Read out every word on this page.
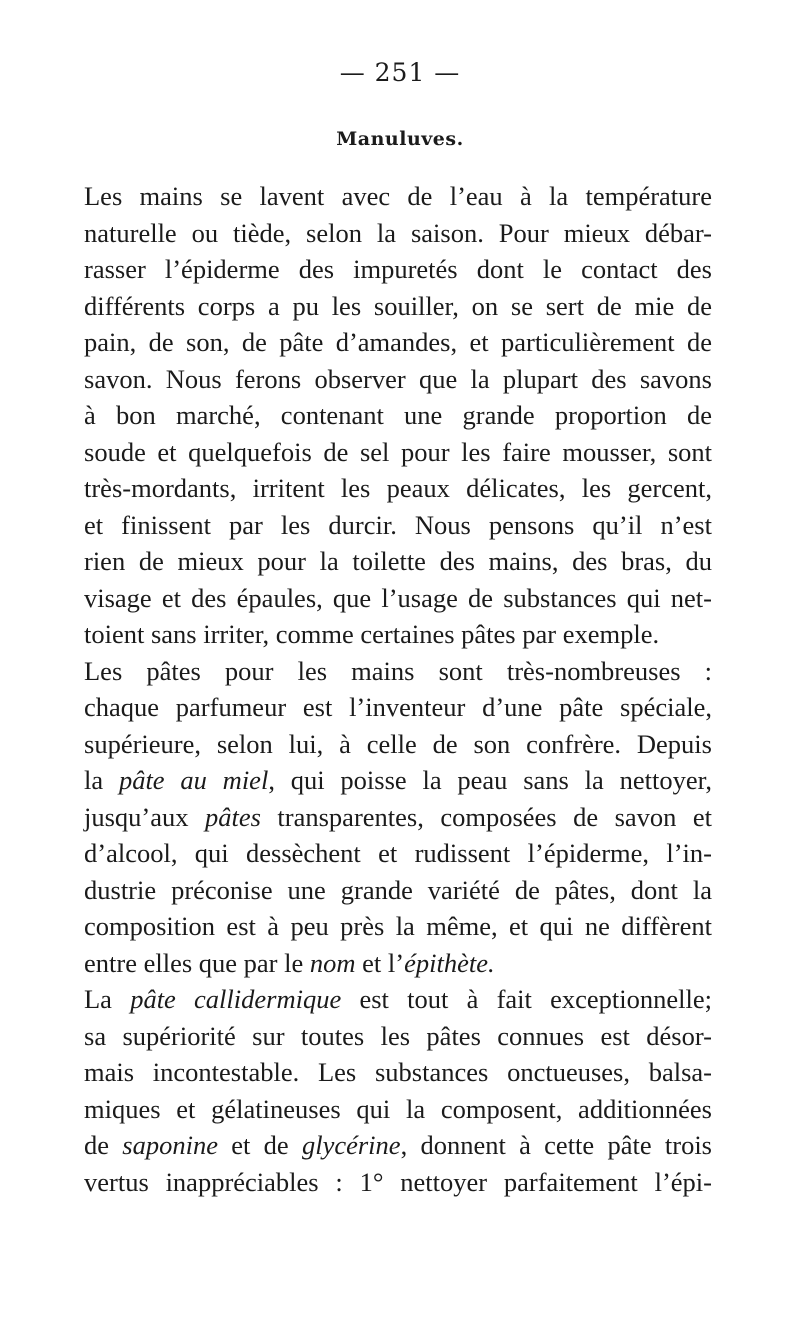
— 251 —
Manuluves.
Les mains se lavent avec de l’eau à la température
naturelle ou tiède, selon la saison. Pour mieux débar-
rasser l’épiderme des impuretés dont le contact des
différents corps a pu les souiller, on se sert de mie de
pain, de son, de pâte d’amandes, et particulièrement de
savon. Nous ferons observer que la plupart des savons
à bon marché, contenant une grande proportion de
soude et quelquefois de sel pour les faire mousser, sont
très-mordants, irritent les peaux délicates, les gercent,
et finissent par les durcir. Nous pensons qu’il n’est
rien de mieux pour la toilette des mains, des bras, du
visage et des épaules, que l’usage de substances qui net-
toient sans irriter, comme certaines pâtes par exemple.
Les pâtes pour les mains sont très-nombreuses :
chaque parfumeur est l’inventeur d’une pâte spéciale,
supérieure, selon lui, à celle de son confrère. Depuis
la pâte au miel, qui poisse la peau sans la nettoyer,
jusqu’aux pâtes transparentes, composées de savon et
d’alcool, qui dessèchent et rudissent l’épiderme, l’in-
dustrie préconise une grande variété de pâtes, dont la
composition est à peu près la même, et qui ne diffèrent
entre elles que par le nom et l’épithète.
La pâte callidermique est tout à fait exceptionnelle;
sa supériorité sur toutes les pâtes connues est désor-
mais incontestable. Les substances onctueuses, balsa-
miques et gélatineuses qui la composent, additionnées
de saponine et de glycérine, donnent à cette pâte trois
vertus inappréciables : 1° nettoyer parfaitement l’épi-
